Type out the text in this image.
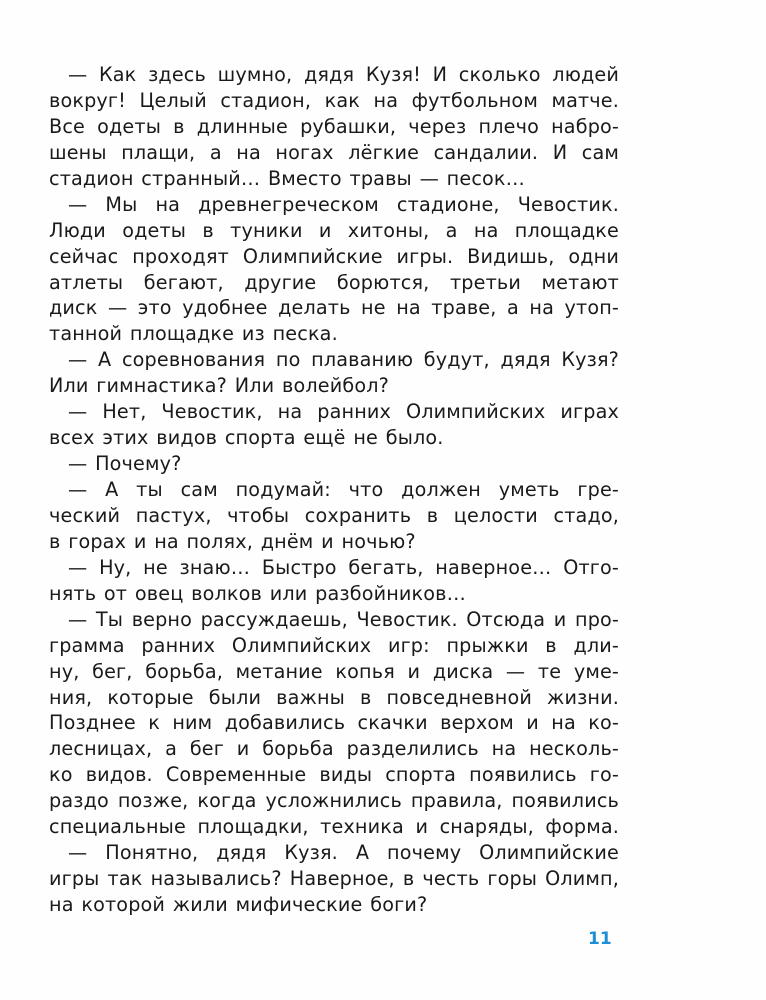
— Как здесь шумно, дядя Кузя! И сколько людей
вокруг! Целый стадион, как на футбольном матче.
Все одеты в длинные рубашки, через плечо набро-
шены плащи, а на ногах лёгкие сандалии. И сам
стадион странный… Вместо травы — песок…
— Мы на древнегреческом стадионе, Чевостик.
Люди одеты в туники и хитоны, а на площадке
сейчас проходят Олимпийские игры. Видишь, одни
атлеты бегают, другие борются, третьи метают
диск — это удобнее делать не на траве, а на утоп-
танной площадке из песка.
— А соревнования по плаванию будут, дядя Кузя?
Или гимнастика? Или волейбол?
— Нет, Чевостик, на ранних Олимпийских играх
всех этих видов спорта ещё не было.
— Почему?
— А ты сам подумай: что должен уметь гре-
ческий пастух, чтобы сохранить в целости стадо,
в горах и на полях, днём и ночью?
— Ну, не знаю… Быстро бегать, наверное… Отго-
нять от овец волков или разбойников…
— Ты верно рассуждаешь, Чевостик. Отсюда и про-
грамма ранних Олимпийских игр: прыжки в дли-
ну, бег, борьба, метание копья и диска — те уме-
ния, которые были важны в повседневной жизни.
Позднее к ним добавились скачки верхом и на ко-
лесницах, а бег и борьба разделились на несколь-
ко видов. Современные виды спорта появились го-
раздо позже, когда усложнились правила, появились
специальные площадки, техника и снаряды, форма.
— Понятно, дядя Кузя. А почему Олимпийские
игры так назывались? Наверное, в честь горы Олимп,
на которой жили мифические боги?
11
